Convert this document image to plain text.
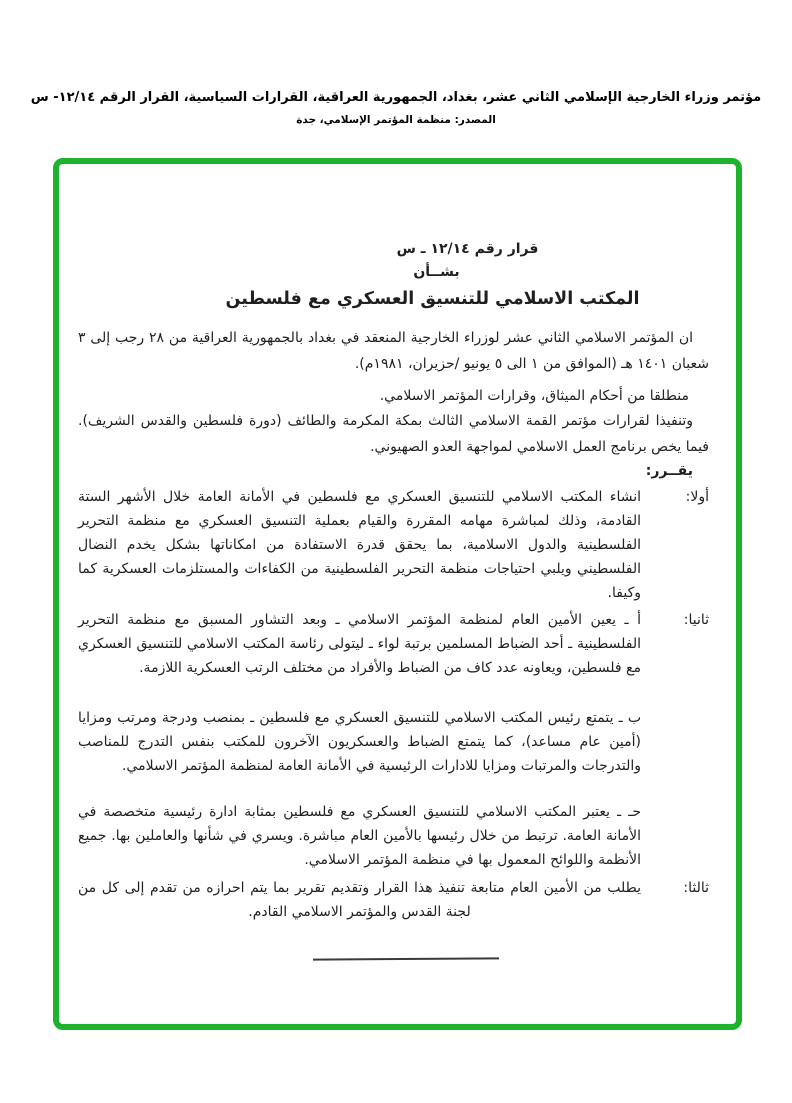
مؤتمر وزراء الخارجية الإسلامي الثاني عشر، بغداد، الجمهورية العراقية، القرارات السياسية، القرار الرقم ١٢/١٤- س
المصدر: منظمة المؤتمر الإسلامي، جدة
قرار رقم ١٢/١٤ ـ س
بشــأن
المكتب الاسلامي للتنسيق العسكري مع فلسطين

ان المؤتمر الاسلامي الثاني عشر لوزراء الخارجية المنعقد في بغداد بالجمهورية العراقية من ٢٨ رجب إلى ٣ شعبان ١٤٠١ هـ (الموافق من ١ الى ٥ يونيو /حزيران، ١٩٨١م).

منطلقا من أحكام الميثاق، وقرارات المؤتمر الاسلامي.

وتنفيذا لقرارات مؤتمر القمة الاسلامي الثالث بمكة المكرمة والطائف (دورة فلسطين والقدس الشريف). فيما يخص برنامج العمل الاسلامي لمواجهة العدو الصهيوني.

يقــرر:

أولا:
انشاء المكتب الاسلامي للتنسيق العسكري مع فلسطين في الأمانة العامة خلال الأشهر الستة القادمة، وذلك لمباشرة مهامه المقررة والقيام بعملية التنسيق العسكري مع منظمة التحرير الفلسطينية والدول الاسلامية، بما يحقق قدرة الاستفادة من امكاناتها بشكل يخدم النضال الفلسطيني ويلبي احتياجات منظمة التحرير الفلسطينية من الكفاءات والمستلزمات العسكرية كما وكيفا.
ثانيا:
أ ـ يعين الأمين العام لمنظمة المؤتمر الاسلامي ـ وبعد التشاور المسبق مع منظمة التحرير الفلسطينية ـ أحد الضباط المسلمين برتبة لواء ـ ليتولى رئاسة المكتب الاسلامي للتنسيق العسكري مع فلسطين، ويعاونه عدد كاف من الضباط والأفراد من مختلف الرتب العسكرية اللازمة.

ب ـ يتمتع رئيس المكتب الاسلامي للتنسيق العسكري مع فلسطين ـ بمنصب ودرجة ومرتب ومزايا (أمين عام مساعد)، كما يتمتع الضباط والعسكريون الآخرون للمكتب بنفس التدرج للمناصب والتدرجات والمرتبات ومزايا للادارات الرئيسية في الأمانة العامة لمنظمة المؤتمر الاسلامي.

حـ ـ يعتبر المكتب الاسلامي للتنسيق العسكري مع فلسطين بمثابة ادارة رئيسية متخصصة في الأمانة العامة. ترتبط من خلال رئيسها بالأمين العام مباشرة. ويسري في شأنها والعاملين بها. جميع الأنظمة واللوائح المعمول بها في منظمة المؤتمر الاسلامي.

ثالثا:
يطلب من الأمين العام متابعة تنفيذ هذا القرار وتقديم تقرير بما يتم احرازه من تقدم إلى كل من لجنة القدس والمؤتمر الاسلامي القادم.
